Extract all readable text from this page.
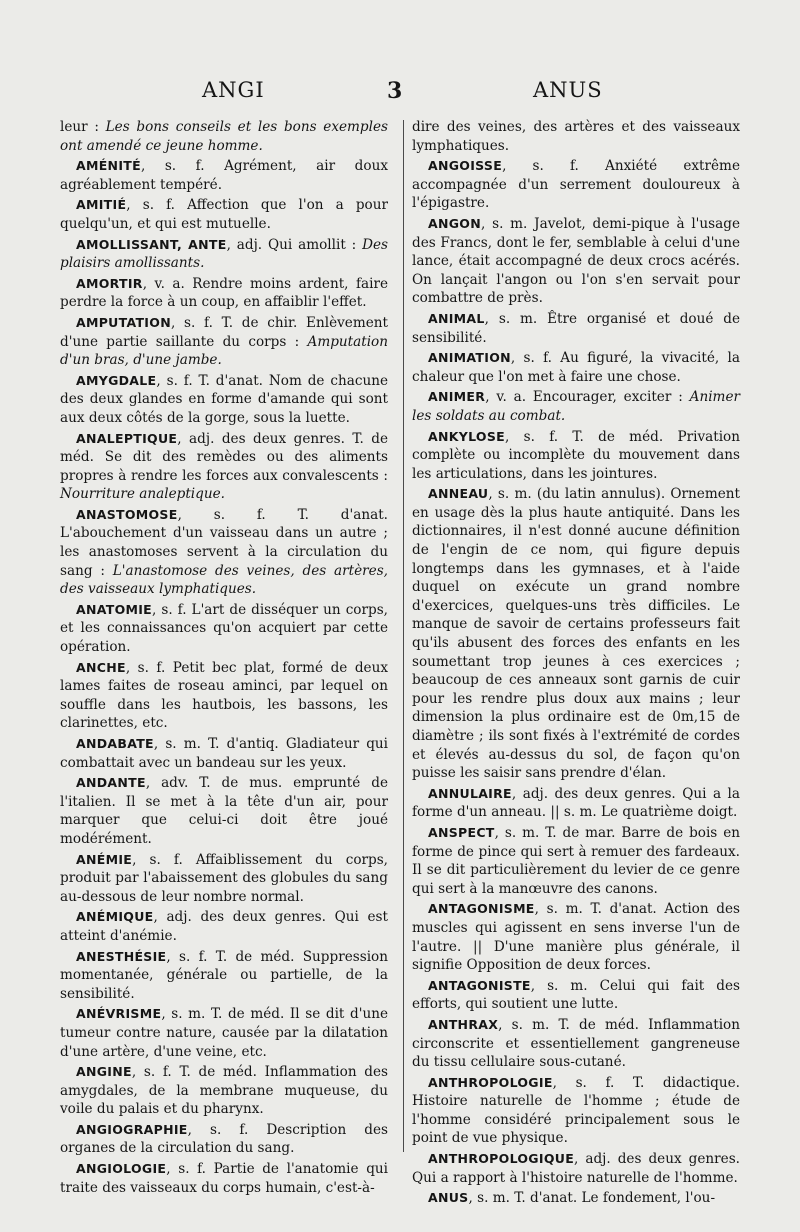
ANGI	3	ANUS

leur : Les bons conseils et les bons exemples ont amendé ce jeune homme.

AMÉNITÉ, s. f. Agrément, air doux agréablement tempéré.

AMITIÉ, s. f. Affection que l'on a pour quelqu'un, et qui est mutuelle.

AMOLLISSANT, ANTE, adj. Qui amollit : Des plaisirs amollissants.

AMORTIR, v. a. Rendre moins ardent, faire perdre la force à un coup, en affaiblir l'effet.

AMPUTATION, s. f. T. de chir. Enlèvement d'une partie saillante du corps : Amputation d'un bras, d'une jambe.

AMYGDALE, s. f. T. d'anat. Nom de chacune des deux glandes en forme d'amande qui sont aux deux côtés de la gorge, sous la luette.

ANALEPTIQUE, adj. des deux genres. T. de méd. Se dit des remèdes ou des aliments propres à rendre les forces aux convalescents : Nourriture analeptique.

ANASTOMOSE, s. f. T. d'anat. L'abouchement d'un vaisseau dans un autre ; les anastomoses servent à la circulation du sang : L'anastomose des veines, des artères, des vaisseaux lymphatiques.

ANATOMIE, s. f. L'art de disséquer un corps, et les connaissances qu'on acquiert par cette opération.

ANCHE, s. f. Petit bec plat, formé de deux lames faites de roseau aminci, par lequel on souffle dans les hautbois, les bassons, les clarinettes, etc.

ANDABATE, s. m. T. d'antiq. Gladiateur qui combattait avec un bandeau sur les yeux.

ANDANTE, adv. T. de mus. emprunté de l'italien. Il se met à la tête d'un air, pour marquer que celui-ci doit être joué modérément.

ANÉMIE, s. f. Affaiblissement du corps, produit par l'abaissement des globules du sang au-dessous de leur nombre normal.

ANÉMIQUE, adj. des deux genres. Qui est atteint d'anémie.

ANESTHÉSIE, s. f. T. de méd. Suppression momentanée, générale ou partielle, de la sensibilité.

ANÉVRISME, s. m. T. de méd. Il se dit d'une tumeur contre nature, causée par la dilatation d'une artère, d'une veine, etc.

ANGINE, s. f. T. de méd. Inflammation des amygdales, de la membrane muqueuse, du voile du palais et du pharynx.

ANGIOGRAPHIE, s. f. Description des organes de la circulation du sang.

ANGIOLOGIE, s. f. Partie de l'anatomie qui traite des vaisseaux du corps humain, c'est-à-

dire des veines, des artères et des vaisseaux lymphatiques.

ANGOISSE, s. f. Anxiété extrême accompagnée d'un serrement douloureux à l'épigastre.

ANGON, s. m. Javelot, demi-pique à l'usage des Francs, dont le fer, semblable à celui d'une lance, était accompagné de deux crocs acérés. On lançait l'angon ou l'on s'en servait pour combattre de près.

ANIMAL, s. m. Être organisé et doué de sensibilité.

ANIMATION, s. f. Au figuré, la vivacité, la chaleur que l'on met à faire une chose.

ANIMER, v. a. Encourager, exciter : Animer les soldats au combat.

ANKYLOSE, s. f. T. de méd. Privation complète ou incomplète du mouvement dans les articulations, dans les jointures.

ANNEAU, s. m. (du latin annulus). Ornement en usage dès la plus haute antiquité. Dans les dictionnaires, il n'est donné aucune définition de l'engin de ce nom, qui figure depuis longtemps dans les gymnases, et à l'aide duquel on exécute un grand nombre d'exercices, quelques-uns très difficiles. Le manque de savoir de certains professeurs fait qu'ils abusent des forces des enfants en les soumettant trop jeunes à ces exercices ; beaucoup de ces anneaux sont garnis de cuir pour les rendre plus doux aux mains ; leur dimension la plus ordinaire est de 0m,15 de diamètre ; ils sont fixés à l'extrémité de cordes et élevés au-dessus du sol, de façon qu'on puisse les saisir sans prendre d'élan.

ANNULAIRE, adj. des deux genres. Qui a la forme d'un anneau. || s. m. Le quatrième doigt.

ANSPECT, s. m. T. de mar. Barre de bois en forme de pince qui sert à remuer des fardeaux. Il se dit particulièrement du levier de ce genre qui sert à la manœuvre des canons.

ANTAGONISME, s. m. T. d'anat. Action des muscles qui agissent en sens inverse l'un de l'autre. || D'une manière plus générale, il signifie Opposition de deux forces.

ANTAGONISTE, s. m. Celui qui fait des efforts, qui soutient une lutte.

ANTHRAX, s. m. T. de méd. Inflammation circonscrite et essentiellement gangreneuse du tissu cellulaire sous-cutané.

ANTHROPOLOGIE, s. f. T. didactique. Histoire naturelle de l'homme ; étude de l'homme considéré principalement sous le point de vue physique.

ANTHROPOLOGIQUE, adj. des deux genres. Qui a rapport à l'histoire naturelle de l'homme.

ANUS, s. m. T. d'anat. Le fondement, l'ou-
